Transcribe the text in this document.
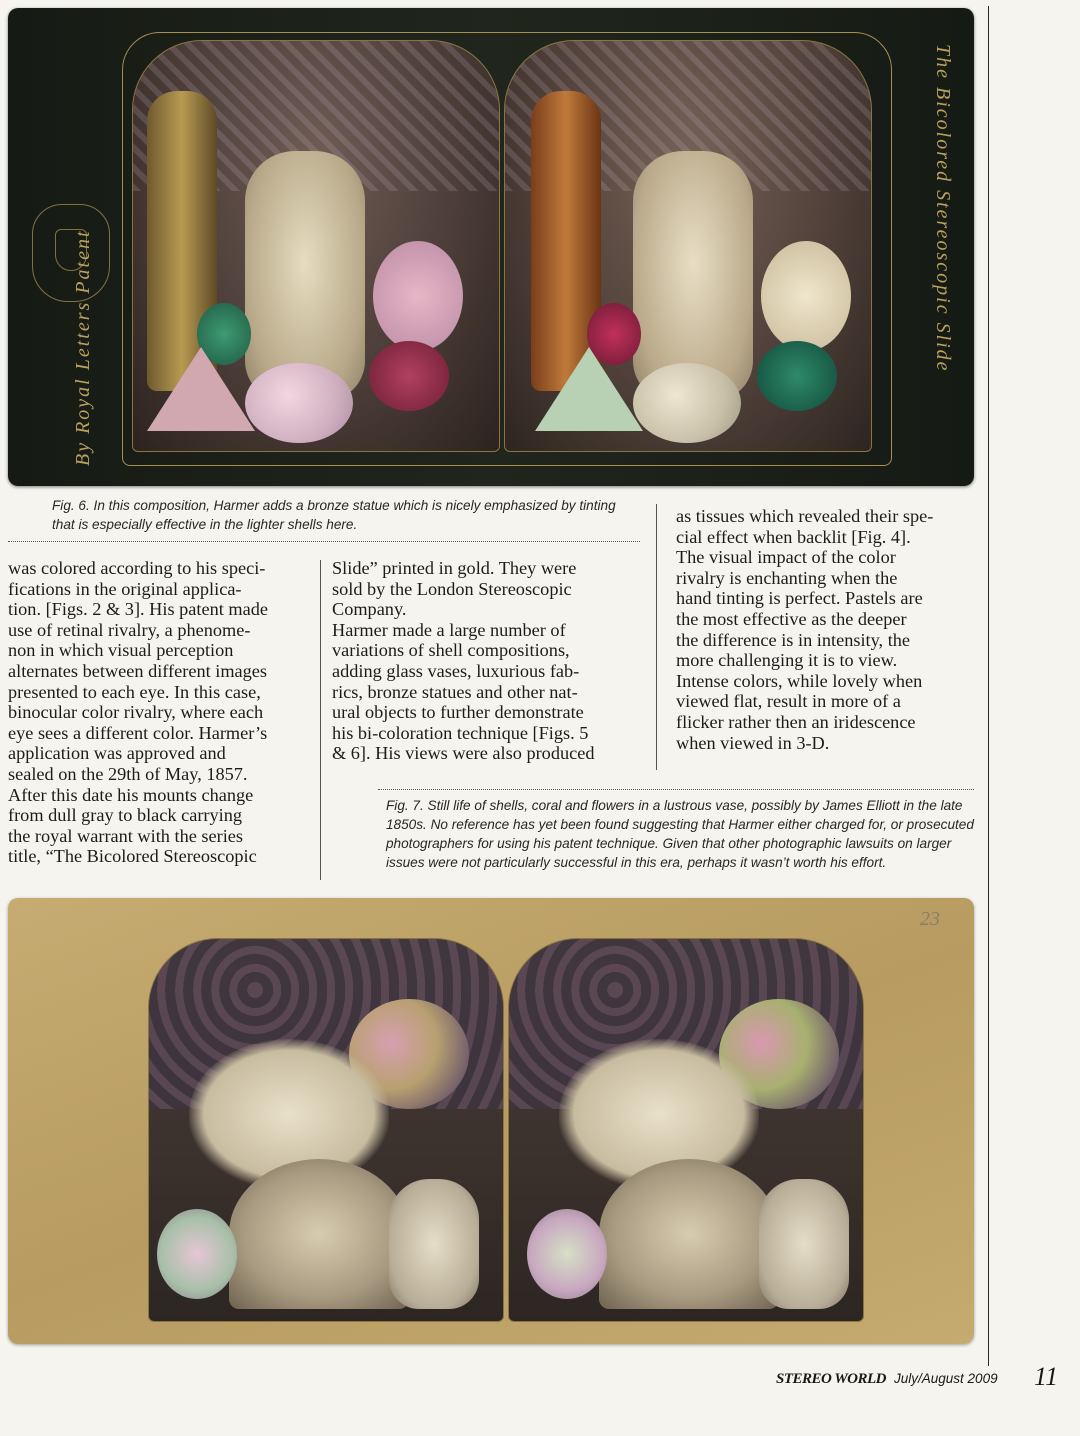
By Royal Letters Patent	The Bicolored Stereoscopic Slide
Fig. 6. In this composition, Harmer adds a bronze statue which is nicely emphasized by tinting that is especially effective in the lighter shells here.
was colored according to his speci-
fications in the original applica-
tion. [Figs. 2 & 3]. His patent made
use of retinal rivalry, a phenome-
non in which visual perception
alternates between different images
presented to each eye. In this case,
binocular color rivalry, where each
eye sees a different color. Harmer’s
application was approved and
sealed on the 29th of May, 1857.
After this date his mounts change
from dull gray to black carrying
the royal warrant with the series
title, “The Bicolored Stereoscopic
Slide” printed in gold. They were
sold by the London Stereoscopic
Company.
Harmer made a large number of
variations of shell compositions,
adding glass vases, luxurious fab-
rics, bronze statues and other nat-
ural objects to further demonstrate
his bi-coloration technique [Figs. 5
& 6]. His views were also produced
as tissues which revealed their spe-
cial effect when backlit [Fig. 4].
The visual impact of the color
rivalry is enchanting when the
hand tinting is perfect. Pastels are
the most effective as the deeper
the difference is in intensity, the
more challenging it is to view.
Intense colors, while lovely when
viewed flat, result in more of a
flicker rather then an iridescence
when viewed in 3-D.
Fig. 7. Still life of shells, coral and flowers in a lustrous vase, possibly by James Elliott in the late 1850s. No reference has yet been found suggesting that Harmer either charged for, or prosecuted photographers for using his patent technique. Given that other photographic lawsuits on larger issues were not particularly successful in this era, perhaps it wasn’t worth his effort.
23
STEREO WORLD July/August 2009 11
